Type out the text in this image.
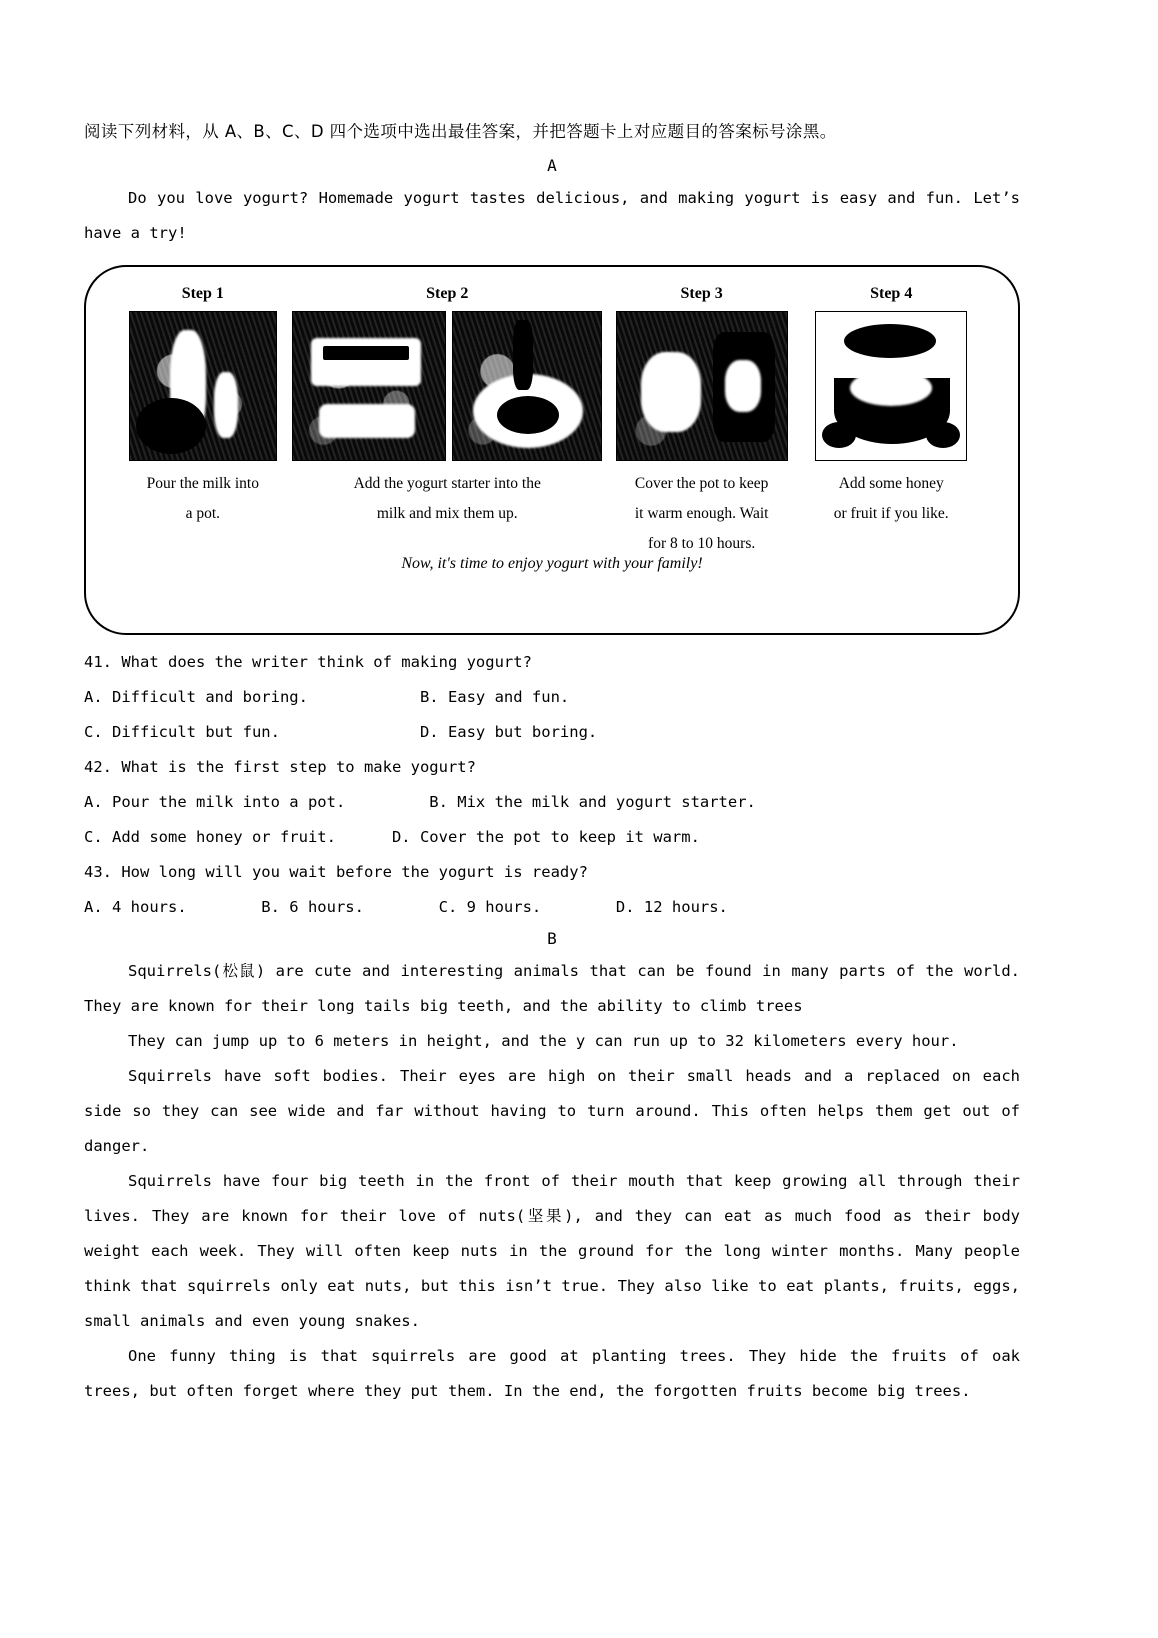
阅读下列材料，从 A、B、C、D 四个选项中选出最佳答案，并把答题卡上对应题目的答案标号涂黑。
A

Do you love yogurt? Homemade yogurt tastes delicious, and making yogurt is easy and fun. Let’s have a try!

Step 1
Pour the milk into
a pot.
Step 2
Add the yogurt starter into the
milk and mix them up.
Step 3
Cover the pot to keep
it warm enough. Wait
for 8 to 10 hours.
Step 4
Add some honey
or fruit if you like.
Now, it's time to enjoy yogurt with your family!
41. What does the writer think of making yogurt?
A. Difficult and boring.            B. Easy and fun.
C. Difficult but fun.               D. Easy but boring.
42. What is the first step to make yogurt?
A. Pour the milk into a pot.         B. Mix the milk and yogurt starter.
C. Add some honey or fruit.      D. Cover the pot to keep it warm.
43. How long will you wait before the yogurt is ready?
A. 4 hours.        B. 6 hours.        C. 9 hours.        D. 12 hours.
B

Squirrels(松鼠) are cute and interesting animals that can be found in many parts of the world. They are known for their long tails big teeth, and the ability to climb trees

They can jump up to 6 meters in height, and the y can run up to 32 kilometers every hour.

Squirrels have soft bodies. Their eyes are high on their small heads and a replaced on each side so they can see wide and far without having to turn around. This often helps them get out of danger.

Squirrels have four big teeth in the front of their mouth that keep growing all through their lives. They are known for their love of nuts(坚果), and they can eat as much food as their body weight each week. They will often keep nuts in the ground for the long winter months. Many people think that squirrels only eat nuts, but this isn’t true. They also like to eat plants, fruits, eggs, small animals and even young snakes.

One funny thing is that squirrels are good at planting trees. They hide the fruits of oak trees, but often forget where they put them. In the end, the forgotten fruits become big trees.
